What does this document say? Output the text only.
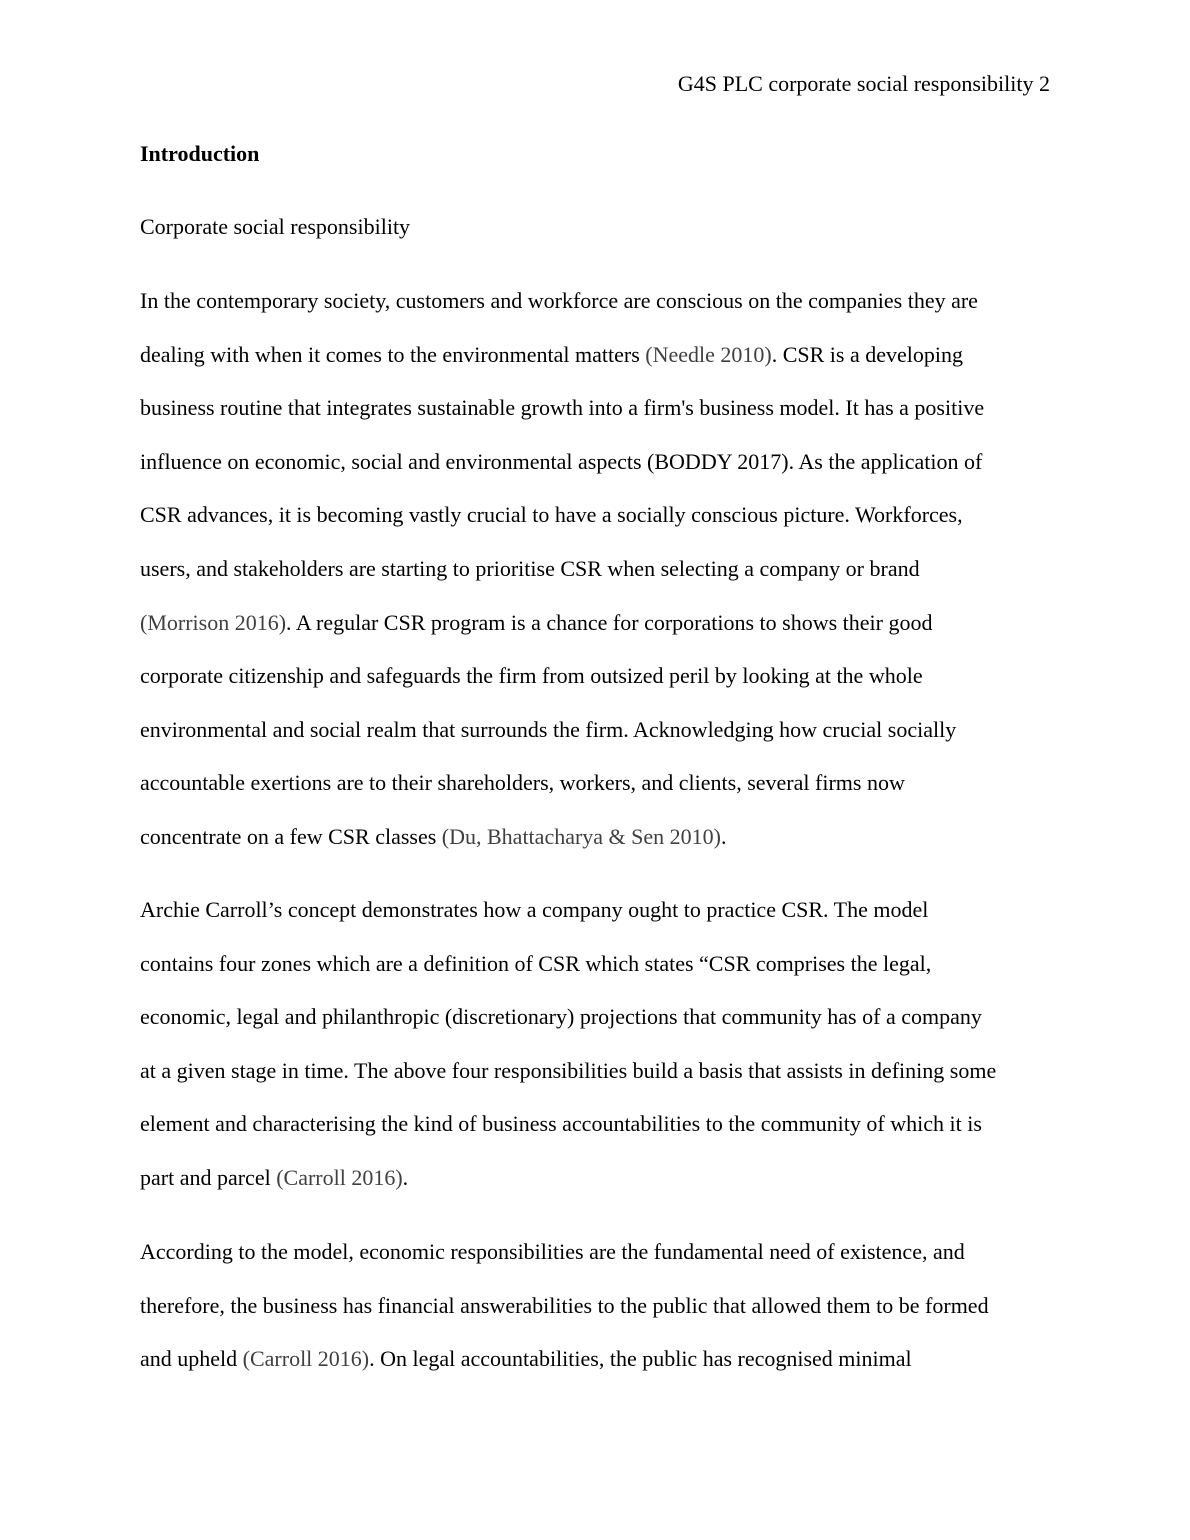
G4S PLC corporate social responsibility 2
Introduction
Corporate social responsibility
In the contemporary society, customers and workforce are conscious on the companies they are
dealing with when it comes to the environmental matters (Needle 2010). CSR is a developing
business routine that integrates sustainable growth into a firm's business model. It has a positive
influence on economic, social and environmental aspects (BODDY 2017). As the application of
CSR advances, it is becoming vastly crucial to have a socially conscious picture. Workforces,
users, and stakeholders are starting to prioritise CSR when selecting a company or brand
(Morrison 2016). A regular CSR program is a chance for corporations to shows their good
corporate citizenship and safeguards the firm from outsized peril by looking at the whole
environmental and social realm that surrounds the firm. Acknowledging how crucial socially
accountable exertions are to their shareholders, workers, and clients, several firms now
concentrate on a few CSR classes (Du, Bhattacharya & Sen 2010).
Archie Carroll’s concept demonstrates how a company ought to practice CSR. The model
contains four zones which are a definition of CSR which states “CSR comprises the legal,
economic, legal and philanthropic (discretionary) projections that community has of a company
at a given stage in time. The above four responsibilities build a basis that assists in defining some
element and characterising the kind of business accountabilities to the community of which it is
part and parcel (Carroll 2016).
According to the model, economic responsibilities are the fundamental need of existence, and
therefore, the business has financial answerabilities to the public that allowed them to be formed
and upheld (Carroll 2016). On legal accountabilities, the public has recognised minimal
